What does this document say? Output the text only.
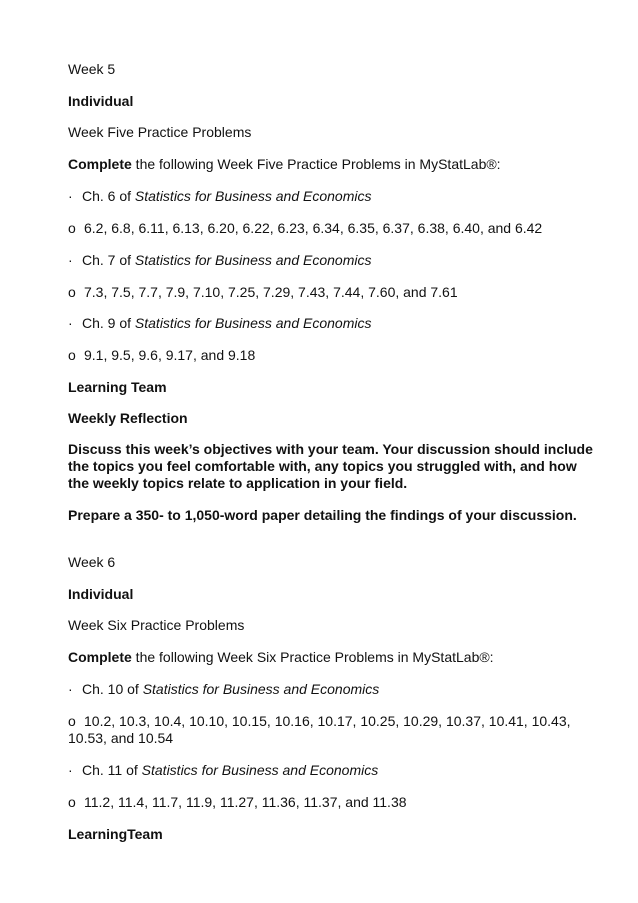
Week 5
Individual
Week Five Practice Problems
Complete the following Week Five Practice Problems in MyStatLab®:
· Ch. 6 of Statistics for Business and Economics
o 6.2, 6.8, 6.11, 6.13, 6.20, 6.22, 6.23, 6.34, 6.35, 6.37, 6.38, 6.40, and 6.42
· Ch. 7 of Statistics for Business and Economics
o 7.3, 7.5, 7.7, 7.9, 7.10, 7.25, 7.29, 7.43, 7.44, 7.60, and 7.61
· Ch. 9 of Statistics for Business and Economics
o 9.1, 9.5, 9.6, 9.17, and 9.18
Learning Team
Weekly Reflection
Discuss this week’s objectives with your team. Your discussion should include the topics you feel comfortable with, any topics you struggled with, and how the weekly topics relate to application in your field.
Prepare a 350- to 1,050-word paper detailing the findings of your discussion.
Week 6
Individual
Week Six Practice Problems
Complete the following Week Six Practice Problems in MyStatLab®:
· Ch. 10 of Statistics for Business and Economics
o 10.2, 10.3, 10.4, 10.10, 10.15, 10.16, 10.17, 10.25, 10.29, 10.37, 10.41, 10.43, 10.53, and 10.54
· Ch. 11 of Statistics for Business and Economics
o 11.2, 11.4, 11.7, 11.9, 11.27, 11.36, 11.37, and 11.38
LearningTeam
